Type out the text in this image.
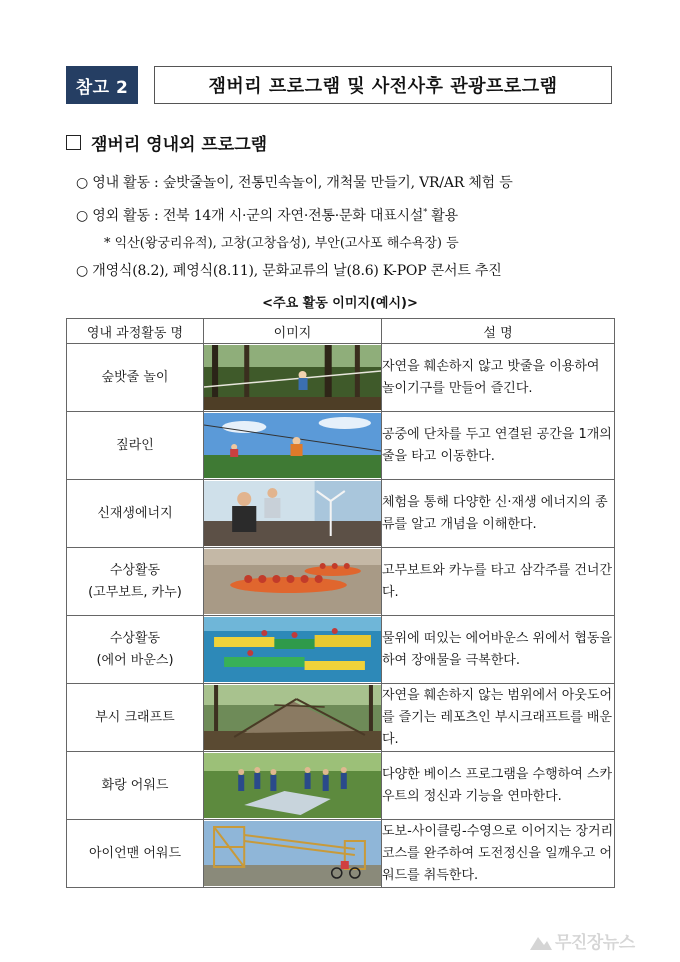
참고 2	잼버리 프로그램 및 사전사후 관광프로그램
잼버리 영내외 프로그램
○ 영내 활동 : 숲밧줄놀이, 전통민속놀이, 개척물 만들기, VR/AR 체험 등
○ 영외 활동 : 전북 14개 시·군의 자연·전통·문화 대표시설* 활용
* 익산(왕궁리유적), 고창(고창읍성), 부안(고사포 해수욕장) 등
○ 개영식(8.2), 폐영식(8.11), 문화교류의 날(8.6) K-POP 콘서트 추진
<주요 활동 이미지(예시)>
영내 과정활동 명	이미지	설 명
숲밧줄 놀이		자연을 훼손하지 않고 밧줄을 이용하여 놀이기구를 만들어 즐긴다.
짚라인		공중에 단차를 두고 연결된 공간을 1개의 줄을 타고 이동한다.
신재생에너지		체험을 통해 다양한 신·재생 에너지의 종류를 알고 개념을 이해한다.
수상활동
(고무보트, 카누)		고무보트와 카누를 타고 삼각주를 건너간다.
수상활동
(에어 바운스)		물위에 떠있는 에어바운스 위에서 협동을 하여 장애물을 극복한다.
부시 크래프트		자연을 훼손하지 않는 범위에서 아웃도어를 즐기는 레포츠인 부시크래프트를 배운다.
화랑 어워드		다양한 베이스 프로그램을 수행하여 스카우트의 정신과 기능을 연마한다.
아이언맨 어워드		도보-사이클링-수영으로 이어지는 장거리 코스를 완주하여 도전정신을 일깨우고 어워드를 취득한다.
무진장뉴스
